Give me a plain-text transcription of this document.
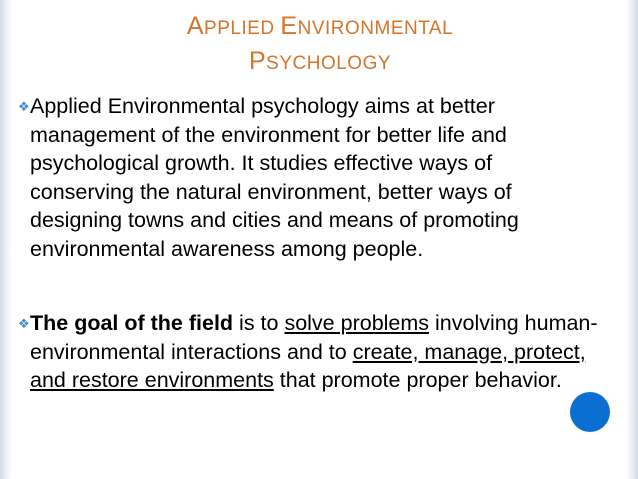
APPLIED ENVIRONMENTAL
PSYCHOLOGY
❖ Applied Environmental psychology aims at better management of the environment for better life and psychological growth. It studies effective ways of conserving the natural environment, better ways of designing towns and cities and means of promoting environmental awareness among people.
❖ The goal of the field is to solve problems involving human-environmental interactions and to create, manage, protect, and restore environments that promote proper behavior.
